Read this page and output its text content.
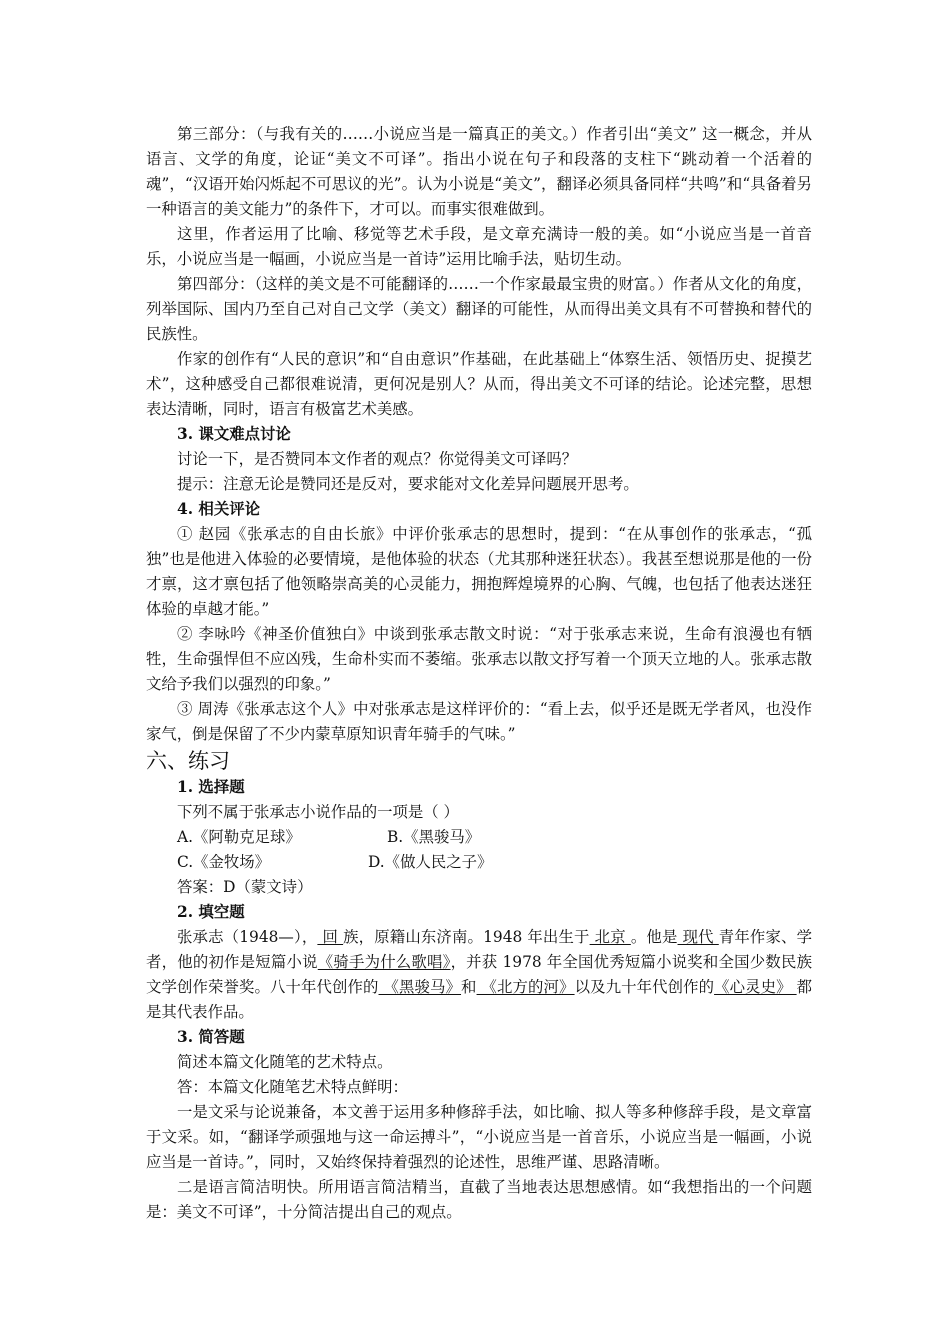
第三部分：（与我有关的……小说应当是一篇真正的美文。）作者引出“美文” 这一概念，并从语言、文学的角度，论证“美文不可译”。指出小说在句子和段落的支柱下“跳动着一个活着的魂”，“汉语开始闪烁起不可思议的光”。认为小说是“美文”，翻译必须具备同样“共鸣”和“具备着另一种语言的美文能力”的条件下，才可以。而事实很难做到。

这里，作者运用了比喻、移觉等艺术手段，是文章充满诗一般的美。如“小说应当是一首音乐，小说应当是一幅画，小说应当是一首诗”运用比喻手法，贴切生动。

第四部分：（这样的美文是不可能翻译的……一个作家最最宝贵的财富。）作者从文化的角度，列举国际、国内乃至自己对自己文学（美文）翻译的可能性，从而得出美文具有不可替换和替代的民族性。

作家的创作有“人民的意识”和“自由意识”作基础，在此基础上“体察生活、领悟历史、捉摸艺术”，这种感受自己都很难说清，更何况是别人？从而，得出美文不可译的结论。论述完整，思想表达清晰，同时，语言有极富艺术美感。

3. 课文难点讨论

讨论一下，是否赞同本文作者的观点？你觉得美文可译吗？

提示：注意无论是赞同还是反对，要求能对文化差异问题展开思考。

4. 相关评论

① 赵园《张承志的自由长旅》中评价张承志的思想时，提到：“在从事创作的张承志，“孤独”也是他进入体验的必要情境，是他体验的状态（尤其那种迷狂状态）。我甚至想说那是他的一份才禀，这才禀包括了他领略崇高美的心灵能力，拥抱辉煌境界的心胸、气魄，也包括了他表达迷狂体验的卓越才能。”

② 李咏吟《神圣价值独白》中谈到张承志散文时说：“对于张承志来说，生命有浪漫也有牺牲，生命强悍但不应凶残，生命朴实而不萎缩。张承志以散文抒写着一个顶天立地的人。张承志散文给予我们以强烈的印象。”

③ 周涛《张承志这个人》中对张承志是这样评价的：“看上去，似乎还是既无学者风，也没作家气，倒是保留了不少内蒙草原知识青年骑手的气味。”

六、练习

1. 选择题

下列不属于张承志小说作品的一项是（ ）

A.《阿勒克足球》	B.《黑骏马》
C.《金牧场》	D.《做人民之子》

答案：D（蒙文诗）

2. 填空题

张承志（1948—）， 回 族，原籍山东济南。1948 年出生于 北京 。他是 现代 青年作家、学者，他的初作是短篇小说《骑手为什么歌唱》，并获 1978 年全国优秀短篇小说奖和全国少数民族文学创作荣誉奖。八十年代创作的 《黑骏马》和 《北方的河》以及九十年代创作的《心灵史》 都是其代表作品。

3. 简答题

简述本篇文化随笔的艺术特点。

答：本篇文化随笔艺术特点鲜明：

一是文采与论说兼备，本文善于运用多种修辞手法，如比喻、拟人等多种修辞手段，是文章富于文采。如，“翻译学顽强地与这一命运搏斗”，“小说应当是一首音乐，小说应当是一幅画，小说应当是一首诗。”，同时，又始终保持着强烈的论述性，思维严谨、思路清晰。

二是语言简洁明快。所用语言简洁精当，直截了当地表达思想感情。如“我想指出的一个问题是：美文不可译”，十分简洁提出自己的观点。
